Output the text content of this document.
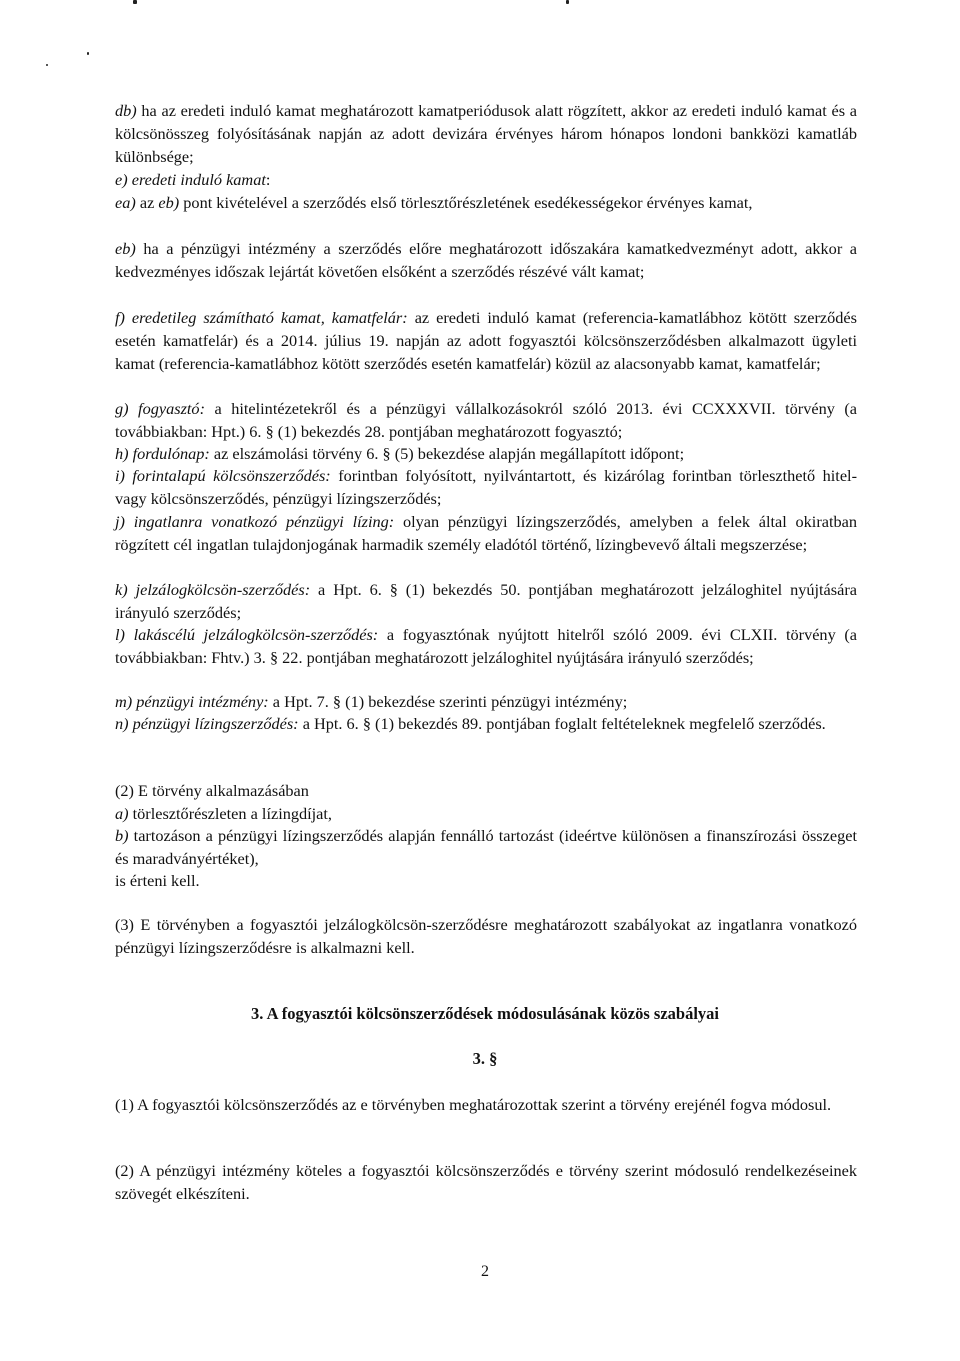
db) ha az eredeti induló kamat meghatározott kamatperiódusok alatt rögzített, akkor az eredeti induló kamat és a kölcsönösszeg folyósításának napján az adott devizára érvényes három hónapos londoni bankközi kamatláb különbsége;
e) eredeti induló kamat:
ea) az eb) pont kivételével a szerződés első törlesztőrészletének esedékességekor érvényes kamat,
eb) ha a pénzügyi intézmény a szerződés előre meghatározott időszakára kamatkedvezményt adott, akkor a kedvezményes időszak lejártát követően elsőként a szerződés részévé vált kamat;
f) eredetileg számítható kamat, kamatfelár: az eredeti induló kamat (referencia-kamatlábhoz kötött szerződés esetén kamatfelár) és a 2014. július 19. napján az adott fogyasztói kölcsönszerződésben alkalmazott ügyleti kamat (referencia-kamatlábhoz kötött szerződés esetén kamatfelár) közül az alacsonyabb kamat, kamatfelár;
g) fogyasztó: a hitelintézetekről és a pénzügyi vállalkozásokról szóló 2013. évi CCXXXVII. törvény (a továbbiakban: Hpt.) 6. § (1) bekezdés 28. pontjában meghatározott fogyasztó;
h) fordulónap: az elszámolási törvény 6. § (5) bekezdése alapján megállapított időpont;
i) forintalapú kölcsönszerződés: forintban folyósított, nyilvántartott, és kizárólag forintban törleszthető hitel- vagy kölcsönszerződés, pénzügyi lízingszerződés;
j) ingatlanra vonatkozó pénzügyi lízing: olyan pénzügyi lízingszerződés, amelyben a felek által okiratban rögzített cél ingatlan tulajdonjogának harmadik személy eladótól történő, lízingbevevő általi megszerzése;
k) jelzálogkölcsön-szerződés: a Hpt. 6. § (1) bekezdés 50. pontjában meghatározott jelzáloghitel nyújtására irányuló szerződés;
l) lakáscélú jelzálogkölcsön-szerződés: a fogyasztónak nyújtott hitelről szóló 2009. évi CLXII. törvény (a továbbiakban: Fhtv.) 3. § 22. pontjában meghatározott jelzáloghitel nyújtására irányuló szerződés;
m) pénzügyi intézmény: a Hpt. 7. § (1) bekezdése szerinti pénzügyi intézmény;
n) pénzügyi lízingszerződés: a Hpt. 6. § (1) bekezdés 89. pontjában foglalt feltételeknek megfelelő szerződés.
(2) E törvény alkalmazásában
a) törlesztőrészleten a lízingdíjat,
b) tartozáson a pénzügyi lízingszerződés alapján fennálló tartozást (ideértve különösen a finanszírozási összeget és maradványértéket),
is érteni kell.
(3) E törvényben a fogyasztói jelzálogkölcsön-szerződésre meghatározott szabályokat az ingatlanra vonatkozó pénzügyi lízingszerződésre is alkalmazni kell.
3. A fogyasztói kölcsönszerződések módosulásának közös szabályai
3. §
(1) A fogyasztói kölcsönszerződés az e törvényben meghatározottak szerint a törvény erejénél fogva módosul.
(2) A pénzügyi intézmény köteles a fogyasztói kölcsönszerződés e törvény szerint módosuló rendelkezéseinek szövegét elkészíteni.
2
